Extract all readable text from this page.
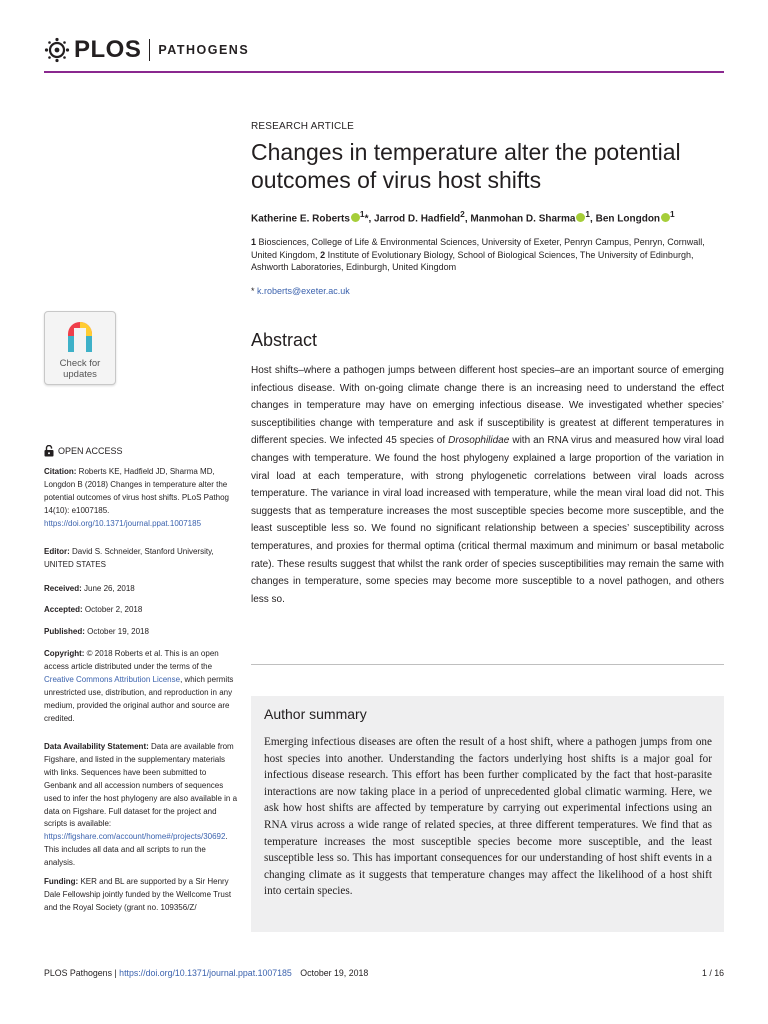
PLOS PATHOGENS
RESEARCH ARTICLE
Changes in temperature alter the potential outcomes of virus host shifts
Katherine E. Roberts $^1$*, Jarrod D. Hadfield$^2$, Manmohan D. Sharma $^1$, Ben Longdon $^1$
1 Biosciences, College of Life & Environmental Sciences, University of Exeter, Penryn Campus, Penryn, Cornwall, United Kingdom, 2 Institute of Evolutionary Biology, School of Biological Sciences, The University of Edinburgh, Ashworth Laboratories, Edinburgh, United Kingdom
* k.roberts@exeter.ac.uk
Abstract
Host shifts–where a pathogen jumps between different host species–are an important source of emerging infectious disease. With on-going climate change there is an increasing need to understand the effect changes in temperature may have on emerging infectious disease. We investigated whether species’ susceptibilities change with temperature and ask if susceptibility is greatest at different temperatures in different species. We infected 45 species of Drosophilidae with an RNA virus and measured how viral load changes with temperature. We found the host phylogeny explained a large proportion of the variation in viral load at each temperature, with strong phylogenetic correlations between viral loads across temperature. The variance in viral load increased with temperature, while the mean viral load did not. This suggests that as temperature increases the most susceptible species become more susceptible, and the least susceptible less so. We found no significant relationship between a species’ susceptibility across temperatures, and proxies for thermal optima (critical thermal maximum and minimum or basal metabolic rate). These results suggest that whilst the rank order of species susceptibilities may remain the same with changes in temperature, some species may become more susceptible to a novel pathogen, and others less so.
Author summary
Emerging infectious diseases are often the result of a host shift, where a pathogen jumps from one host species into another. Understanding the factors underlying host shifts is a major goal for infectious disease research. This effort has been further complicated by the fact that host-parasite interactions are now taking place in a period of unprecedented global climatic warming. Here, we ask how host shifts are affected by temperature by carrying out experimental infections using an RNA virus across a wide range of related species, at three different temperatures. We find that as temperature increases the most susceptible species become more susceptible, and the least susceptible less so. This has important consequences for our understanding of host shift events in a changing climate as it suggests that temperature changes may affect the likelihood of a host shift into certain species.
Check for
updates
OPEN ACCESS
Citation: Roberts KE, Hadfield JD, Sharma MD, Longdon B (2018) Changes in temperature alter the potential outcomes of virus host shifts. PLoS Pathog 14(10): e1007185. https://doi.org/10.1371/journal.ppat.1007185
Editor: David S. Schneider, Stanford University, UNITED STATES
Received: June 26, 2018
Accepted: October 2, 2018
Published: October 19, 2018
Copyright: © 2018 Roberts et al. This is an open access article distributed under the terms of the Creative Commons Attribution License, which permits unrestricted use, distribution, and reproduction in any medium, provided the original author and source are credited.
Data Availability Statement: Data are available from Figshare, and listed in the supplementary materials with links. Sequences have been submitted to Genbank and all accession numbers of sequences used to infer the host phylogeny are also available in a data on Figshare. Full dataset for the project and scripts is available: https://figshare.com/account/home#/projects/30692. This includes all data and all scripts to run the analysis.
Funding: KER and BL are supported by a Sir Henry Dale Fellowship jointly funded by the Wellcome Trust and the Royal Society (grant no. 109356/Z/
PLOS Pathogens | https://doi.org/10.1371/journal.ppat.1007185 October 19, 2018	1 / 16
